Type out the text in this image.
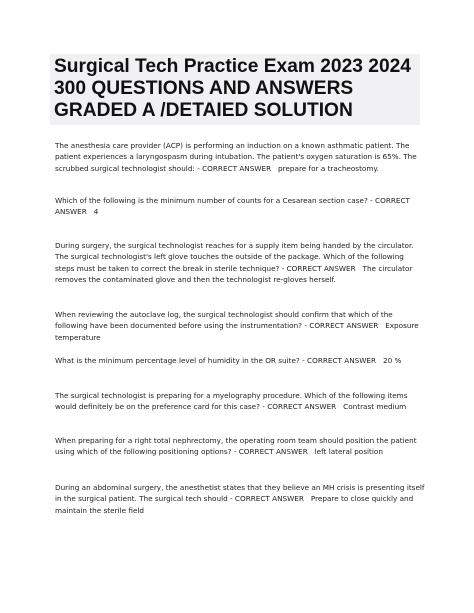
Surgical Tech Practice Exam 2023 2024
300 QUESTIONS AND ANSWERS
GRADED A /DETAIED SOLUTION

The anesthesia care provider (ACP) is performing an induction on a known asthmatic patient. The patient experiences a laryngospasm during intubation. The patient's oxygen saturation is 65%. The scrubbed surgical technologist should: - CORRECT ANSWER prepare for a tracheostomy.

Which of the following is the minimum number of counts for a Cesarean section case? - CORRECT ANSWER 4

During surgery, the surgical technologist reaches for a supply item being handed by the circulator. The surgical technologist's left glove touches the outside of the package. Which of the following steps must be taken to correct the break in sterile technique? - CORRECT ANSWER The circulator removes the contaminated glove and then the technologist re-gloves herself.

When reviewing the autoclave log, the surgical technologist should confirm that which of the following have been documented before using the instrumentation? - CORRECT ANSWER Exposure temperature

What is the minimum percentage level of humidity in the OR suite? - CORRECT ANSWER 20 %

The surgical technologist is preparing for a myelography procedure. Which of the following items would definitely be on the preference card for this case? - CORRECT ANSWER Contrast medium

When preparing for a right total nephrectomy, the operating room team should position the patient using which of the following positioning options? - CORRECT ANSWER left lateral position

During an abdominal surgery, the anesthetist states that they believe an MH crisis is presenting itself in the surgical patient. The surgical tech should - CORRECT ANSWER Prepare to close quickly and maintain the sterile field
